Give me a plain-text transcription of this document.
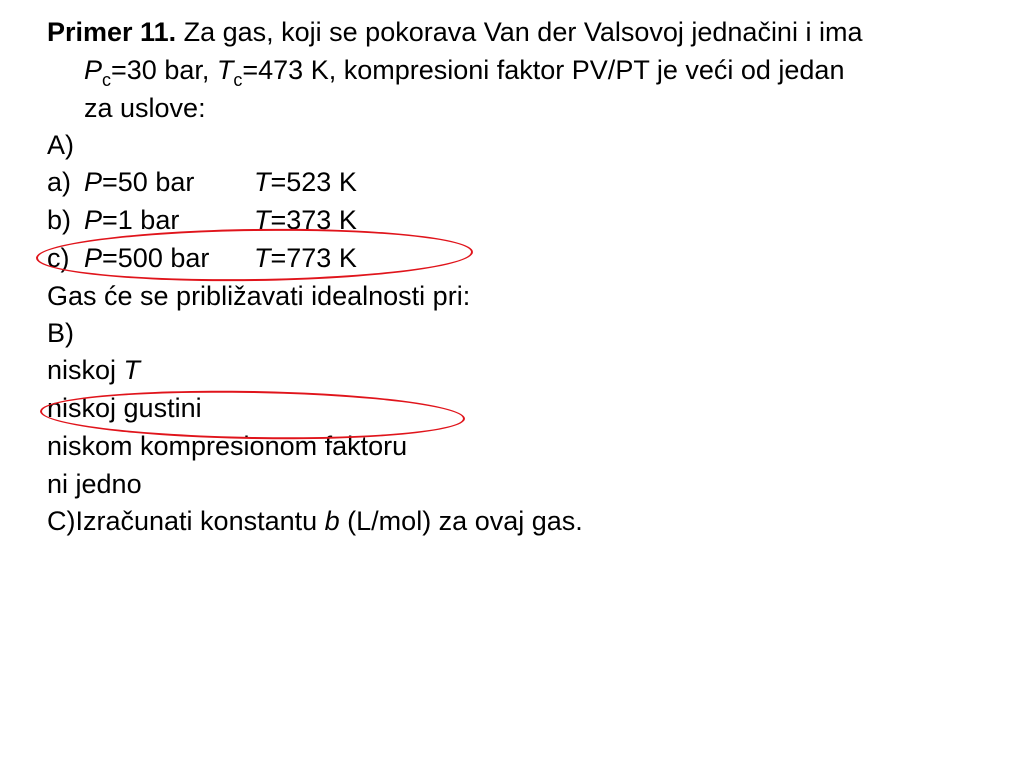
Primer 11. Za gas, koji se pokorava Van der Valsovoj jednačini i ima
$P_c=30$ bar, $T_c=473$ K, kompresioni faktor PV/PT je veći od jedan
za uslove:
A)
a) P=50 bar T=523 K
b) P=1 bar	T=373 K
c) P=500 bar T=773 K
Gas će se približavati idealnosti pri:
B)
niskoj T
niskoj gustini
niskom kompresionom faktoru
ni jedno
C)Izračunati konstantu b (L/mol) za ovaj gas.
